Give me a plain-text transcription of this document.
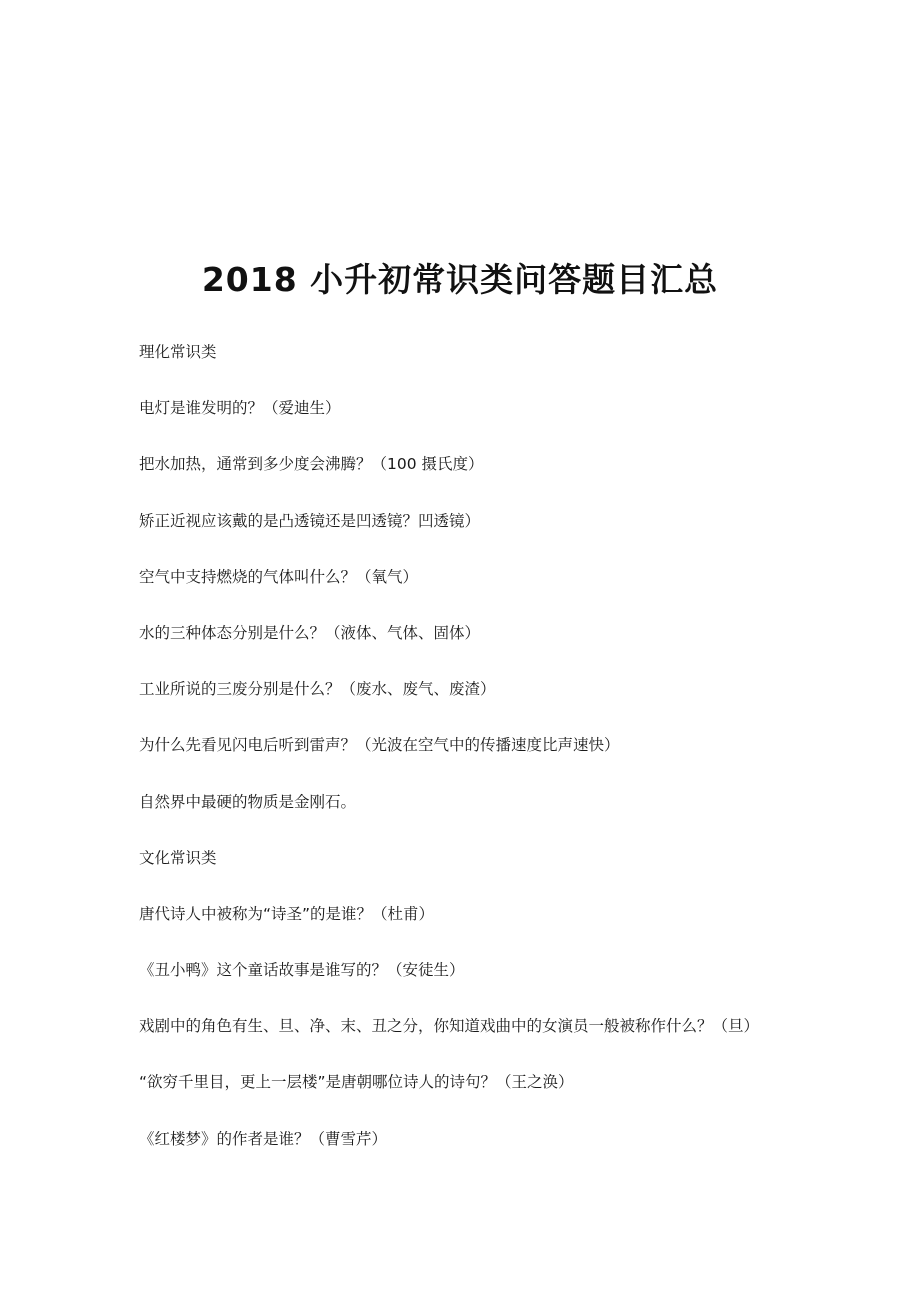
2018 小升初常识类问答题目汇总
理化常识类
电灯是谁发明的？（爱迪生）
把水加热，通常到多少度会沸腾？（100 摄氏度）
矫正近视应该戴的是凸透镜还是凹透镜？凹透镜）
空气中支持燃烧的气体叫什么？（氧气）
水的三种体态分别是什么？（液体、气体、固体）
工业所说的三废分别是什么？（废水、废气、废渣）
为什么先看见闪电后听到雷声？（光波在空气中的传播速度比声速快）
自然界中最硬的物质是金刚石。
文化常识类
唐代诗人中被称为“诗圣”的是谁？（杜甫）
《丑小鸭》这个童话故事是谁写的？（安徒生）
戏剧中的角色有生、旦、净、末、丑之分，你知道戏曲中的女演员一般被称作什么？（旦）
“欲穷千里目，更上一层楼”是唐朝哪位诗人的诗句？（王之涣）
《红楼梦》的作者是谁？（曹雪芹）
